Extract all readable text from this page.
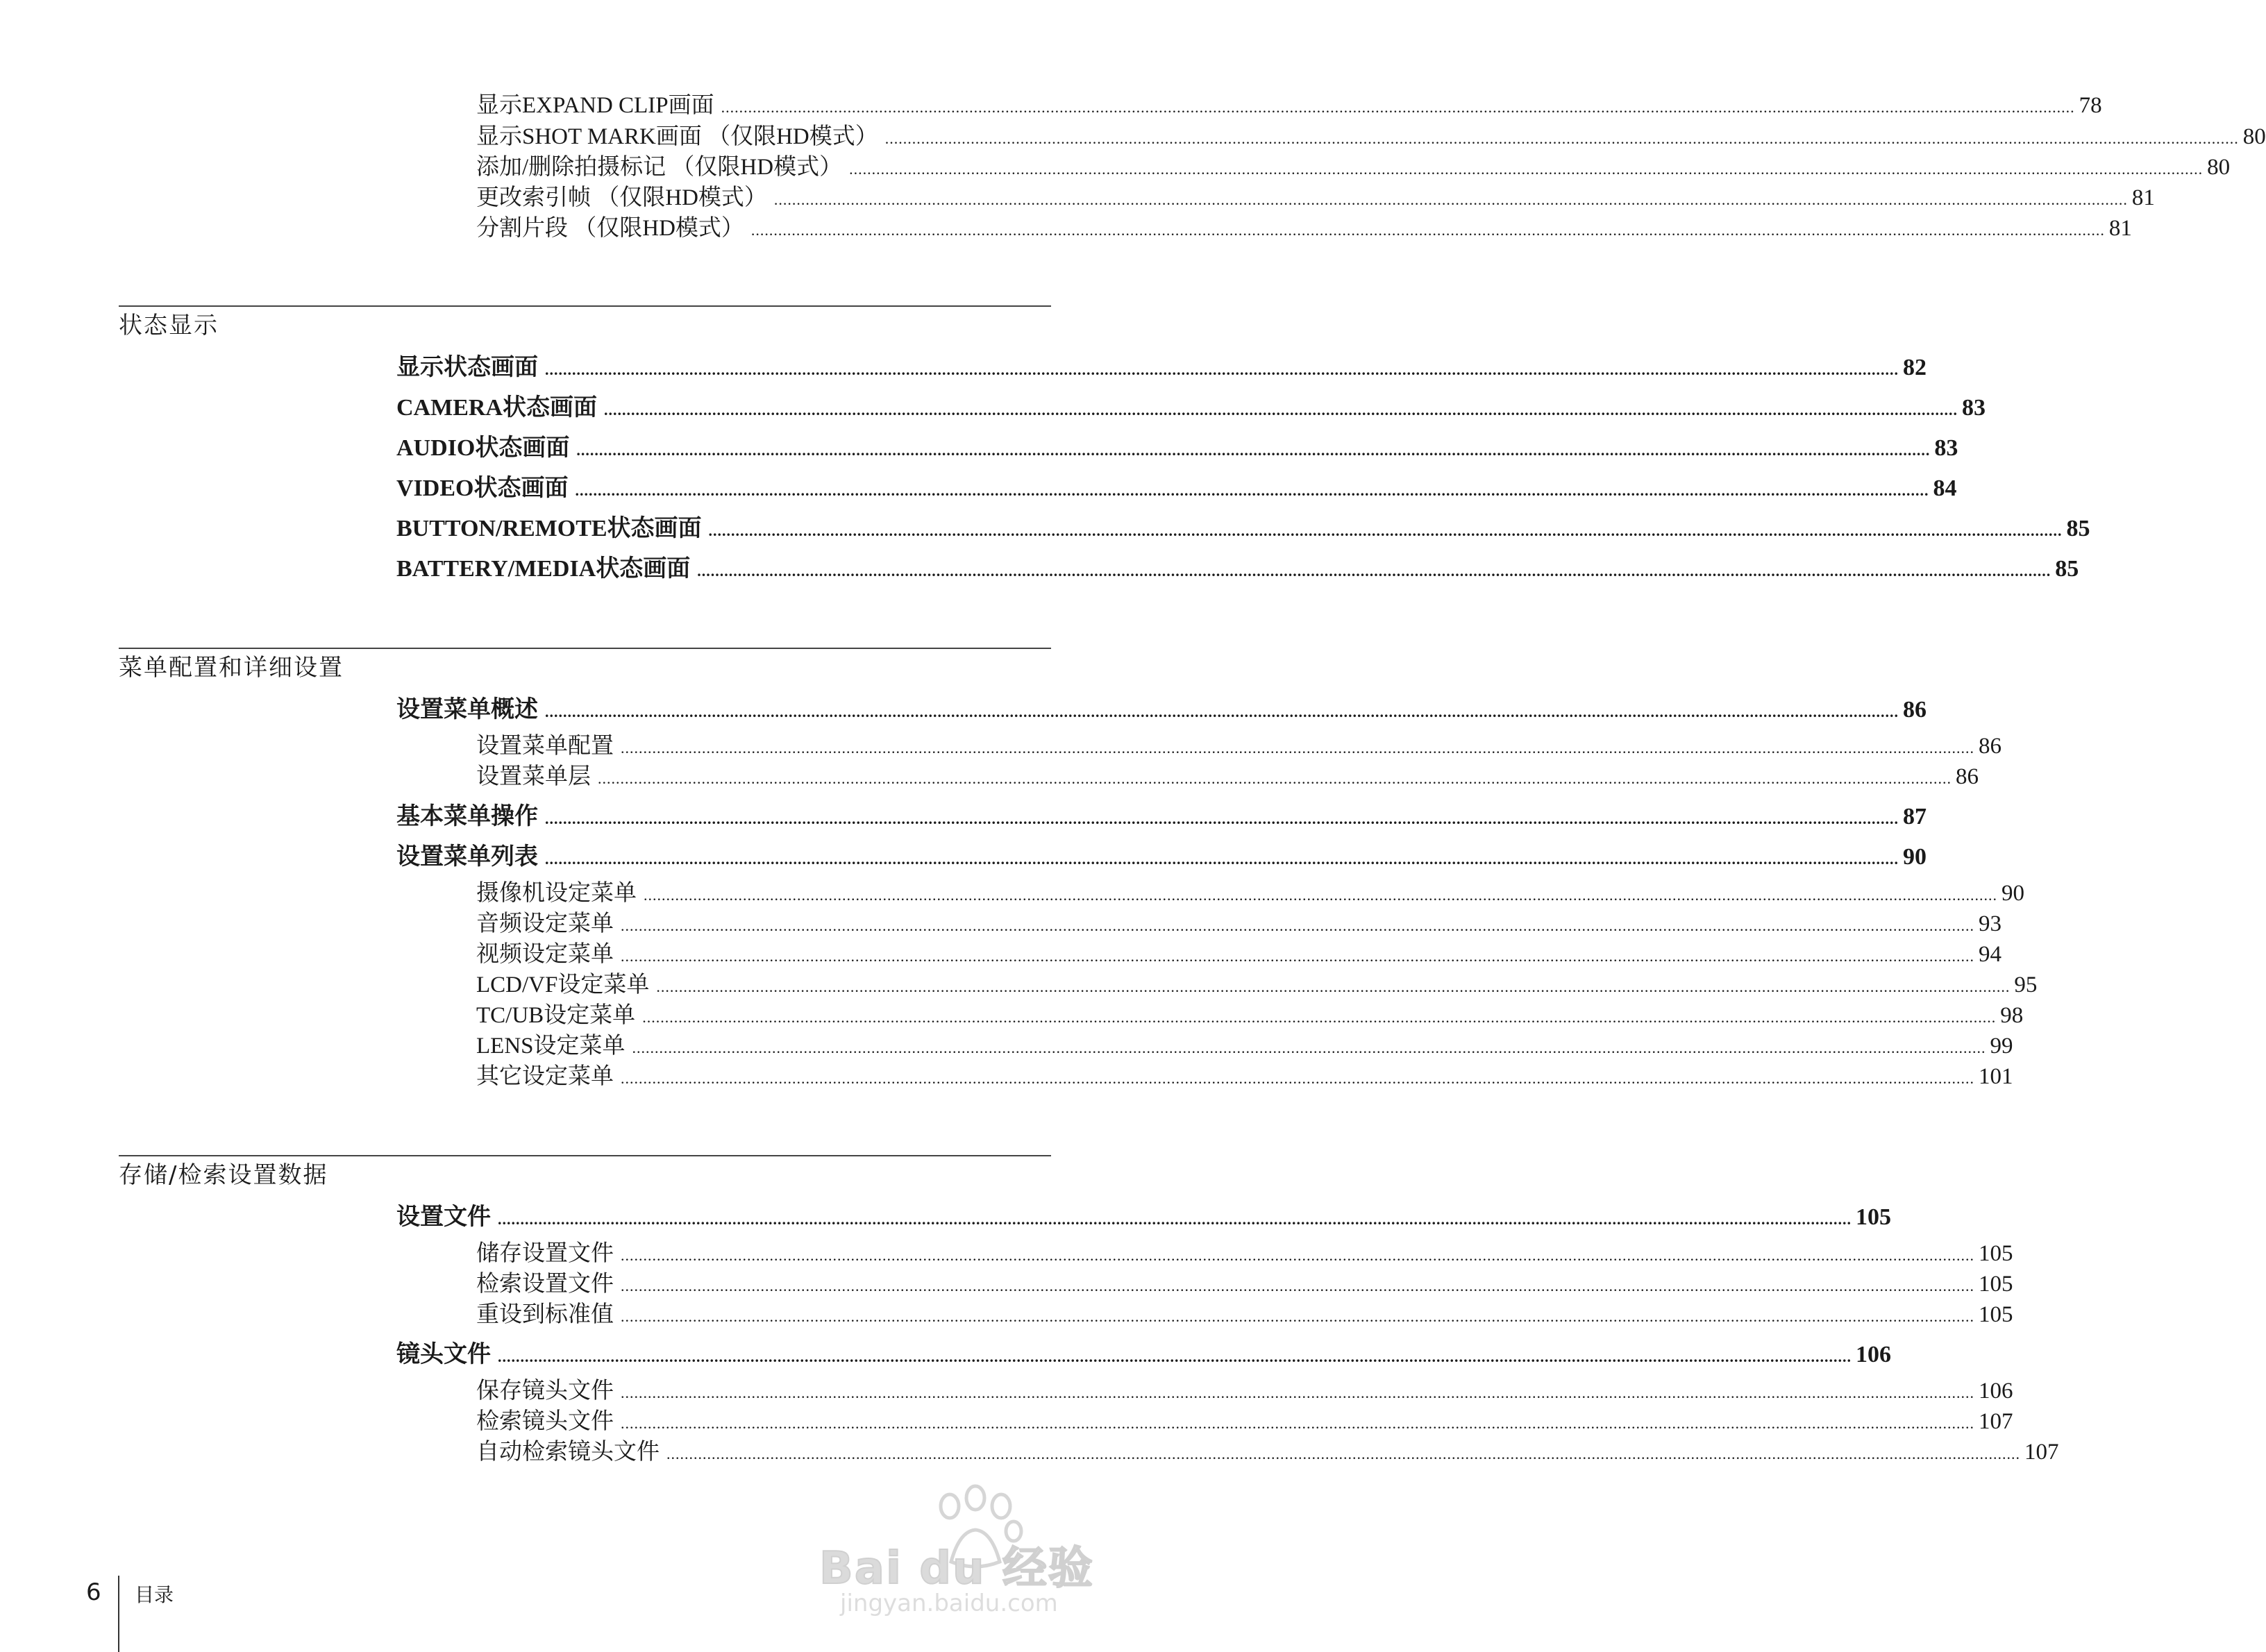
显示EXPAND CLIP画面 ............................................................................................................................................................................................................................................................................................................ 78
显示SHOT MARK画面 （仅限HD模式） ............................................................................................................................................................................................................................................................................................................ 80
添加/删除拍摄标记 （仅限HD模式） ............................................................................................................................................................................................................................................................................................................ 80
更改索引帧 （仅限HD模式） ............................................................................................................................................................................................................................................................................................................ 81
分割片段 （仅限HD模式） ............................................................................................................................................................................................................................................................................................................ 81
状态显示
显示状态画面 ............................................................................................................................................................................................................................................................................................................ 82
CAMERA状态画面 ............................................................................................................................................................................................................................................................................................................ 83
AUDIO状态画面 ............................................................................................................................................................................................................................................................................................................ 83
VIDEO状态画面 ............................................................................................................................................................................................................................................................................................................ 84
BUTTON/REMOTE状态画面 ............................................................................................................................................................................................................................................................................................................ 85
BATTERY/MEDIA状态画面 ............................................................................................................................................................................................................................................................................................................ 85
菜单配置和详细设置
设置菜单概述 ............................................................................................................................................................................................................................................................................................................ 86
设置菜单配置 ............................................................................................................................................................................................................................................................................................................ 86
设置菜单层 ............................................................................................................................................................................................................................................................................................................ 86
基本菜单操作 ............................................................................................................................................................................................................................................................................................................ 87
设置菜单列表 ............................................................................................................................................................................................................................................................................................................ 90
摄像机设定菜单 ............................................................................................................................................................................................................................................................................................................ 90
音频设定菜单 ............................................................................................................................................................................................................................................................................................................ 93
视频设定菜单 ............................................................................................................................................................................................................................................................................................................ 94
LCD/VF设定菜单 ............................................................................................................................................................................................................................................................................................................ 95
TC/UB设定菜单 ............................................................................................................................................................................................................................................................................................................ 98
LENS设定菜单 ............................................................................................................................................................................................................................................................................................................ 99
其它设定菜单 ............................................................................................................................................................................................................................................................................................................ 101
存储/检索设置数据
设置文件 ............................................................................................................................................................................................................................................................................................................ 105
储存设置文件 ............................................................................................................................................................................................................................................................................................................ 105
检索设置文件 ............................................................................................................................................................................................................................................................................................................ 105
重设到标准值 ............................................................................................................................................................................................................................................................................................................ 105
镜头文件 ............................................................................................................................................................................................................................................................................................................ 106
保存镜头文件 ............................................................................................................................................................................................................................................................................................................ 106
检索镜头文件 ............................................................................................................................................................................................................................................................................................................ 107
自动检索镜头文件 ............................................................................................................................................................................................................................................................................................................ 107
6 目录
Bai du 经验
jingyan.baidu.com
